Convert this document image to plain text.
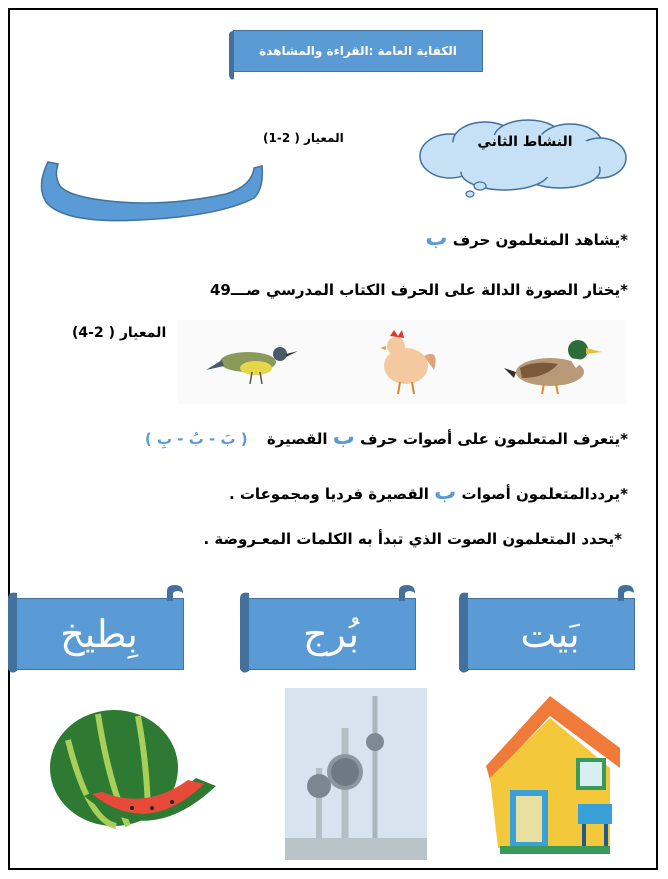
الكفاية العامة :القراءة والمشاهدة
النشاط الثاني
المعيار ( 2-1)
*يشاهد المتعلمون حرف ب
*يختار الصورة الدالة على الحرف الكتاب المدرسي صـــ49
المعيار ( 2-4)
*يتعرف المتعلمون على أصوات حرف ب القصيرة ( بَ - بُ - بِ )
*يرددالمتعلمون أصوات ب القصيرة فرديا ومجموعات .
*يحدد المتعلمون الصوت الذي تبدأ به الكلمات المعـروضة .
بَيت
بُرج
بِطيخ
